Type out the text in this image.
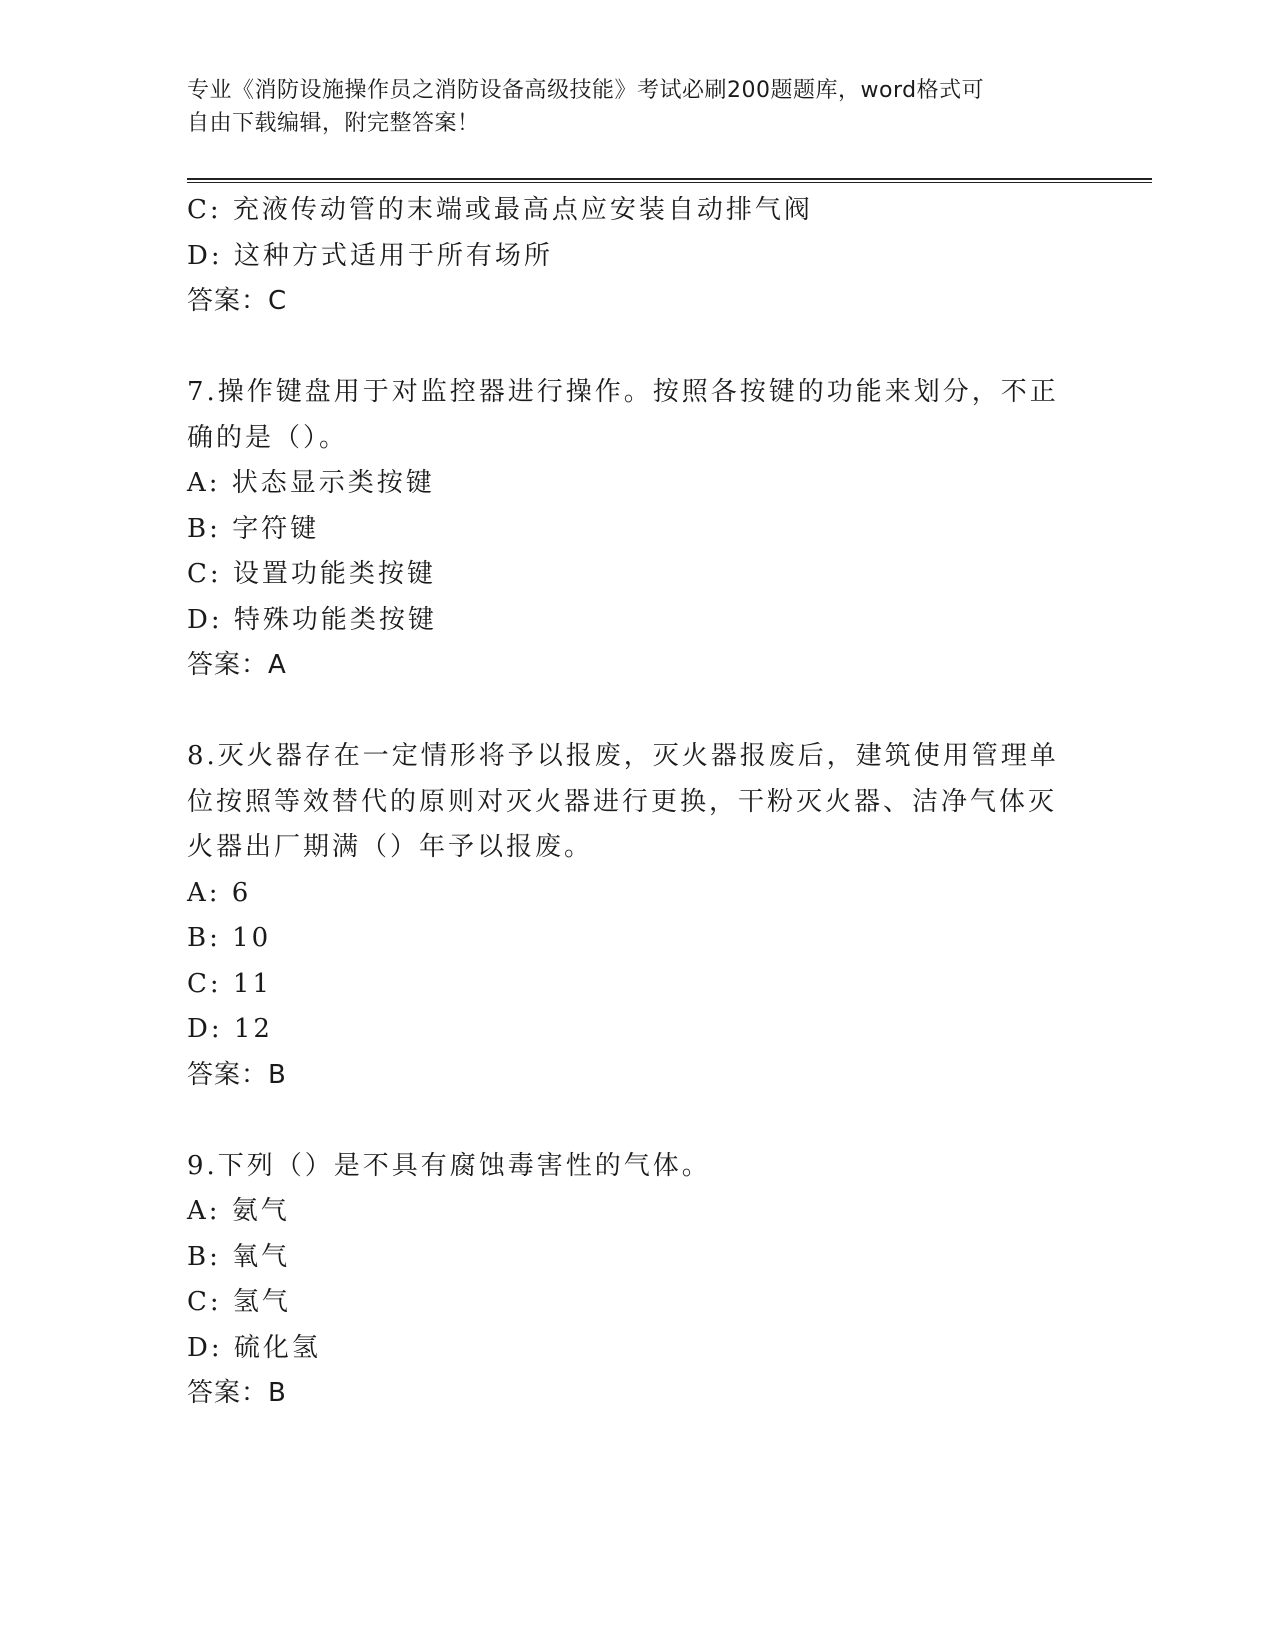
专业《消防设施操作员之消防设备高级技能》考试必刷200题题库，word格式可
自由下载编辑，附完整答案！
C: 充液传动管的末端或最高点应安装自动排气阀
D: 这种方式适用于所有场所
答案：C
7.操作键盘用于对监控器进行操作。按照各按键的功能来划分，不正
确的是（）。
A: 状态显示类按键
B: 字符键
C: 设置功能类按键
D: 特殊功能类按键
答案：A
8.灭火器存在一定情形将予以报废，灭火器报废后，建筑使用管理单
位按照等效替代的原则对灭火器进行更换，干粉灭火器、洁净气体灭
火器出厂期满（）年予以报废。
A: 6
B: 10
C: 11
D: 12
答案：B
9.下列（）是不具有腐蚀毒害性的气体。
A: 氨气
B: 氧气
C: 氢气
D: 硫化氢
答案：B
